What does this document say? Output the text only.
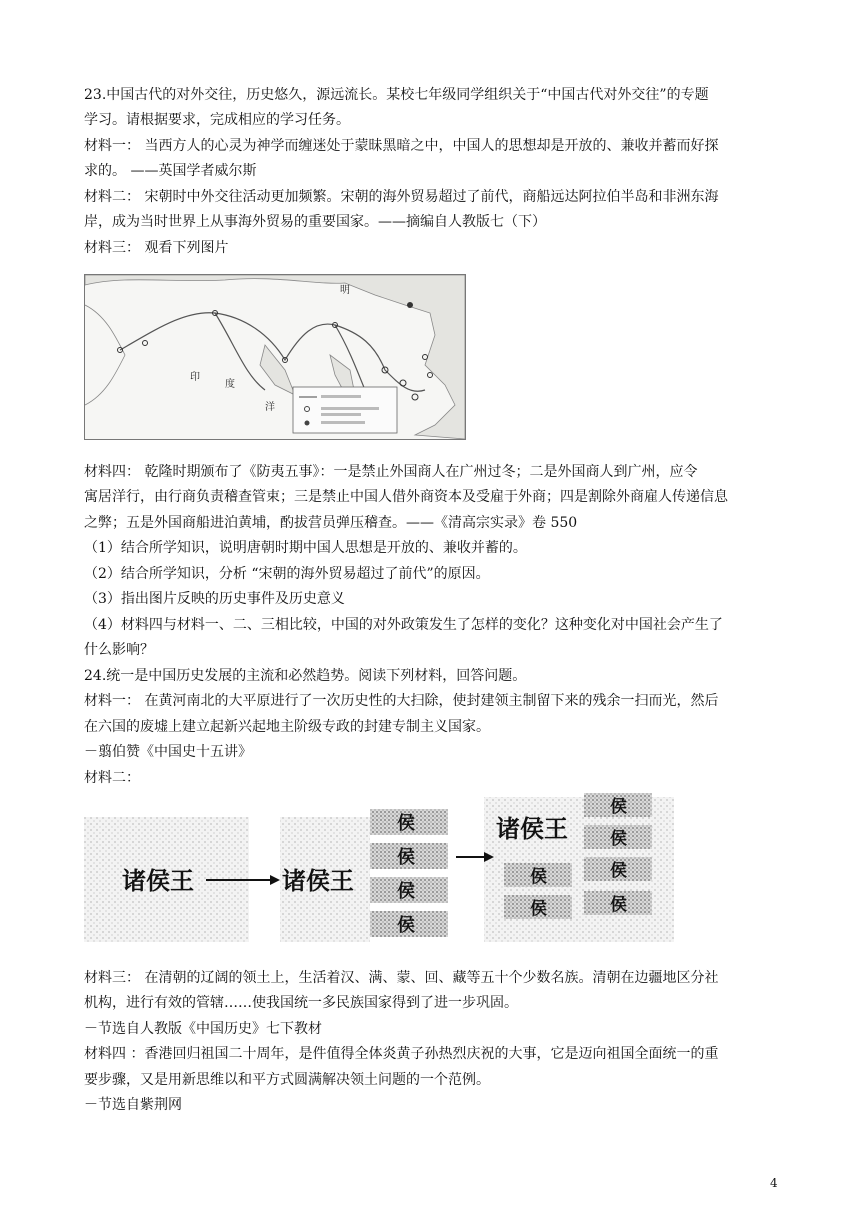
23.中国古代的对外交往，历史悠久，源远流长。某校七年级同学组织关于“中国古代对外交往”的专题
学习。请根据要求，完成相应的学习任务。
材料一： 当西方人的心灵为神学而缠迷处于蒙昧黑暗之中，中国人的思想却是开放的、兼收并蓄而好探
求的。 ——英国学者威尔斯
材料二： 宋朝时中外交往活动更加频繁。宋朝的海外贸易超过了前代，商船远达阿拉伯半岛和非洲东海
岸，成为当时世界上从事海外贸易的重要国家。——摘编自人教版七（下）
材料三： 观看下列图片
明
印
度
洋
材料四： 乾隆时期颁布了《防夷五事》：一是禁止外国商人在广州过冬；二是外国商人到广州，应令
寓居洋行，由行商负责稽查管束；三是禁止中国人借外商资本及受雇于外商；四是割除外商雇人传递信息
之弊；五是外国商船进泊黄埔，酌拔营员弹压稽查。——《清高宗实录》卷 550
（1）结合所学知识，说明唐朝时期中国人思想是开放的、兼收并蓄的。
（2）结合所学知识，分析 “宋朝的海外贸易超过了前代”的原因。
（3）指出图片反映的历史事件及历史意义
（4）材料四与材料一、二、三相比较，中国的对外政策发生了怎样的变化？这种变化对中国社会产生了
什么影响？
24.统一是中国历史发展的主流和必然趋势。阅读下列材料，回答问题。
材料一： 在黄河南北的大平原进行了一次历史性的大扫除，使封建领主制留下来的残余一扫而光，然后
在六国的废墟上建立起新兴起地主阶级专政的封建专制主义国家。
－翦伯赞《中国史十五讲》
材料二：
诸侯王	诸侯王
侯
侯
侯
侯
诸侯王
侯
侯
侯	侯
侯	侯
材料三： 在清朝的辽阔的领土上，生活着汉、满、蒙、回、藏等五十个少数名族。清朝在边疆地区分社
机构，进行有效的管辖……使我国统一多民族国家得到了进一步巩固。
－节选自人教版《中国历史》七下教材
材料四 ：香港回归祖国二十周年，是件值得全体炎黄子孙热烈庆祝的大事，它是迈向祖国全面统一的重
要步骤，又是用新思维以和平方式圆满解决领土问题的一个范例。
－节选自紫荆网
4
